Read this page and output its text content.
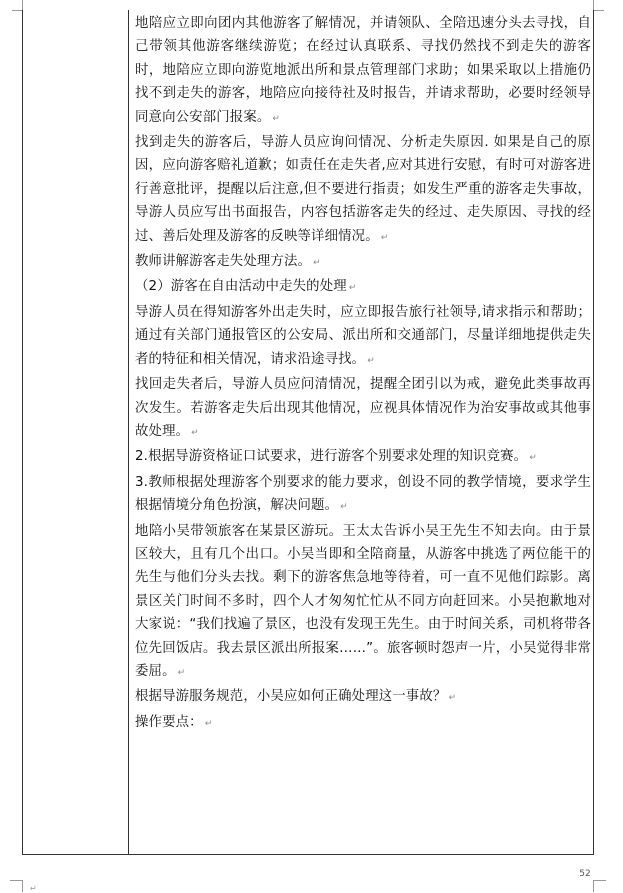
地陪应立即向团内其他游客了解情况，并请领队、全陪迅速分头去寻找，自己带领其他游客继续游览；在经过认真联系、寻找仍然找不到走失的游客时，地陪应立即向游览地派出所和景点管理部门求助；如果采取以上措施仍找不到走失的游客，地陪应向接待社及时报告，并请求帮助，必要时经领导同意向公安部门报案。 ↵

找到走失的游客后，导游人员应询问情况、分析走失原因. 如果是自己的原因，应向游客赔礼道歉；如责任在走失者,应对其进行安慰，有时可对游客进行善意批评，提醒以后注意,但不要进行指责；如发生严重的游客走失事故，导游人员应写出书面报告，内容包括游客走失的经过、走失原因、寻找的经过、善后处理及游客的反映等详细情况。 ↵

教师讲解游客走失处理方法。 ↵

（2）游客在自由活动中走失的处理 ↵

导游人员在得知游客外出走失时，应立即报告旅行社领导,请求指示和帮助；通过有关部门通报管区的公安局、派出所和交通部门，尽量详细地提供走失者的特征和相关情况，请求沿途寻找。 ↵

找回走失者后，导游人员应问清情况，提醒全团引以为戒，避免此类事故再次发生。若游客走失后出现其他情况，应视具体情况作为治安事故或其他事故处理。 ↵

2.根据导游资格证口试要求，进行游客个别要求处理的知识竞赛。 ↵

3.教师根据处理游客个别要求的能力要求，创设不同的教学情境，要求学生根据情境分角色扮演，解决问题。 ↵

地陪小吴带领旅客在某景区游玩。王太太告诉小吴王先生不知去向。由于景区较大，且有几个出口。小吴当即和全陪商量，从游客中挑选了两位能干的先生与他们分头去找。剩下的游客焦急地等待着，可一直不见他们踪影。离景区关门时间不多时，四个人才匆匆忙忙从不同方向赶回来。小吴抱歉地对大家说：“我们找遍了景区，也没有发现王先生。由于时间关系，司机将带各位先回饭店。我去景区派出所报案……”。旅客顿时怨声一片，小吴觉得非常委屈。 ↵

根据导游服务规范，小吴应如何正确处理这一事故？ ↵

操作要点： ↵

↵
52
